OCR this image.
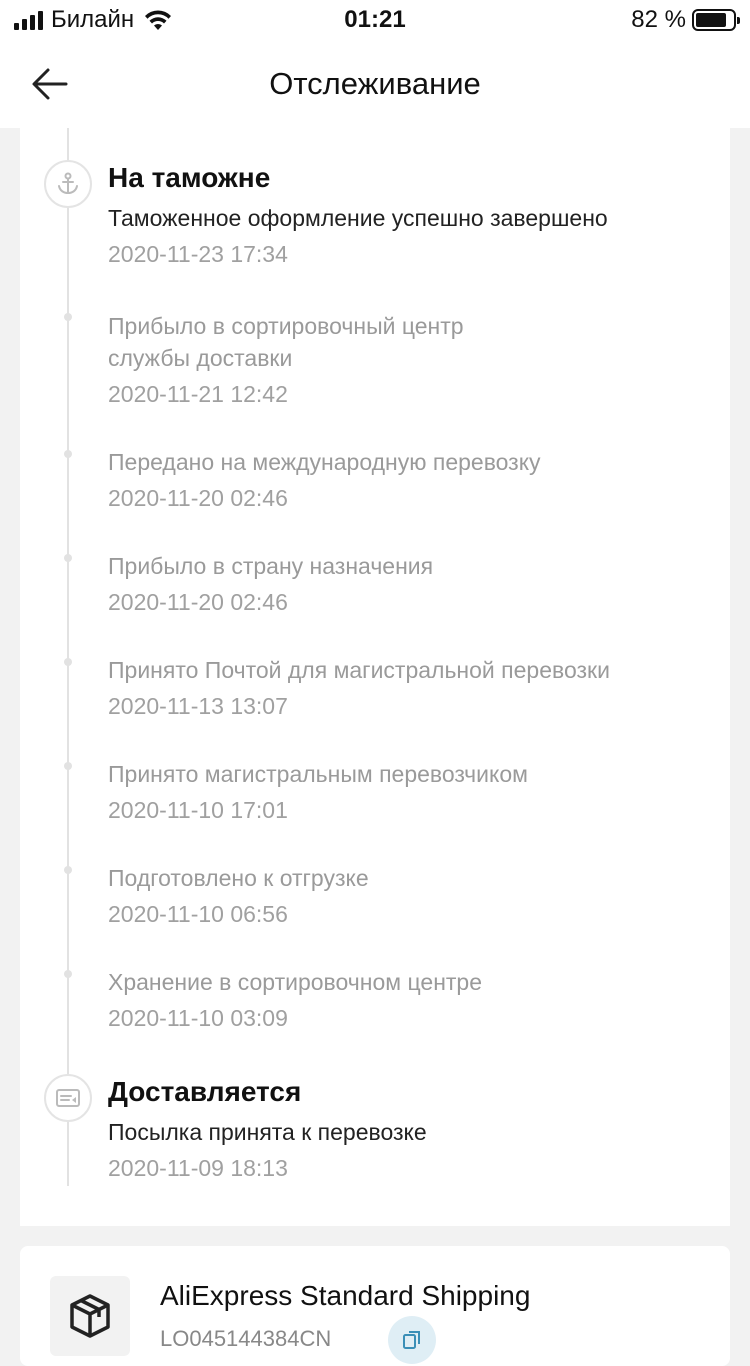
Билайн	01:21	82 %
Отслеживание
На таможне
Таможенное оформление успешно завершено
2020-11-23 17:34
Прибыло в сортировочный центр службы доставки
2020-11-21 12:42
Передано на международную перевозку
2020-11-20 02:46
Прибыло в страну назначения
2020-11-20 02:46
Принято Почтой для магистральной перевозки
2020-11-13 13:07
Принято магистральным перевозчиком
2020-11-10 17:01
Подготовлено к отгрузке
2020-11-10 06:56
Хранение в сортировочном центре
2020-11-10 03:09
Доставляется
Посылка принята к перевозке
2020-11-09 18:13
AliExpress Standard Shipping
LO045144384CN
